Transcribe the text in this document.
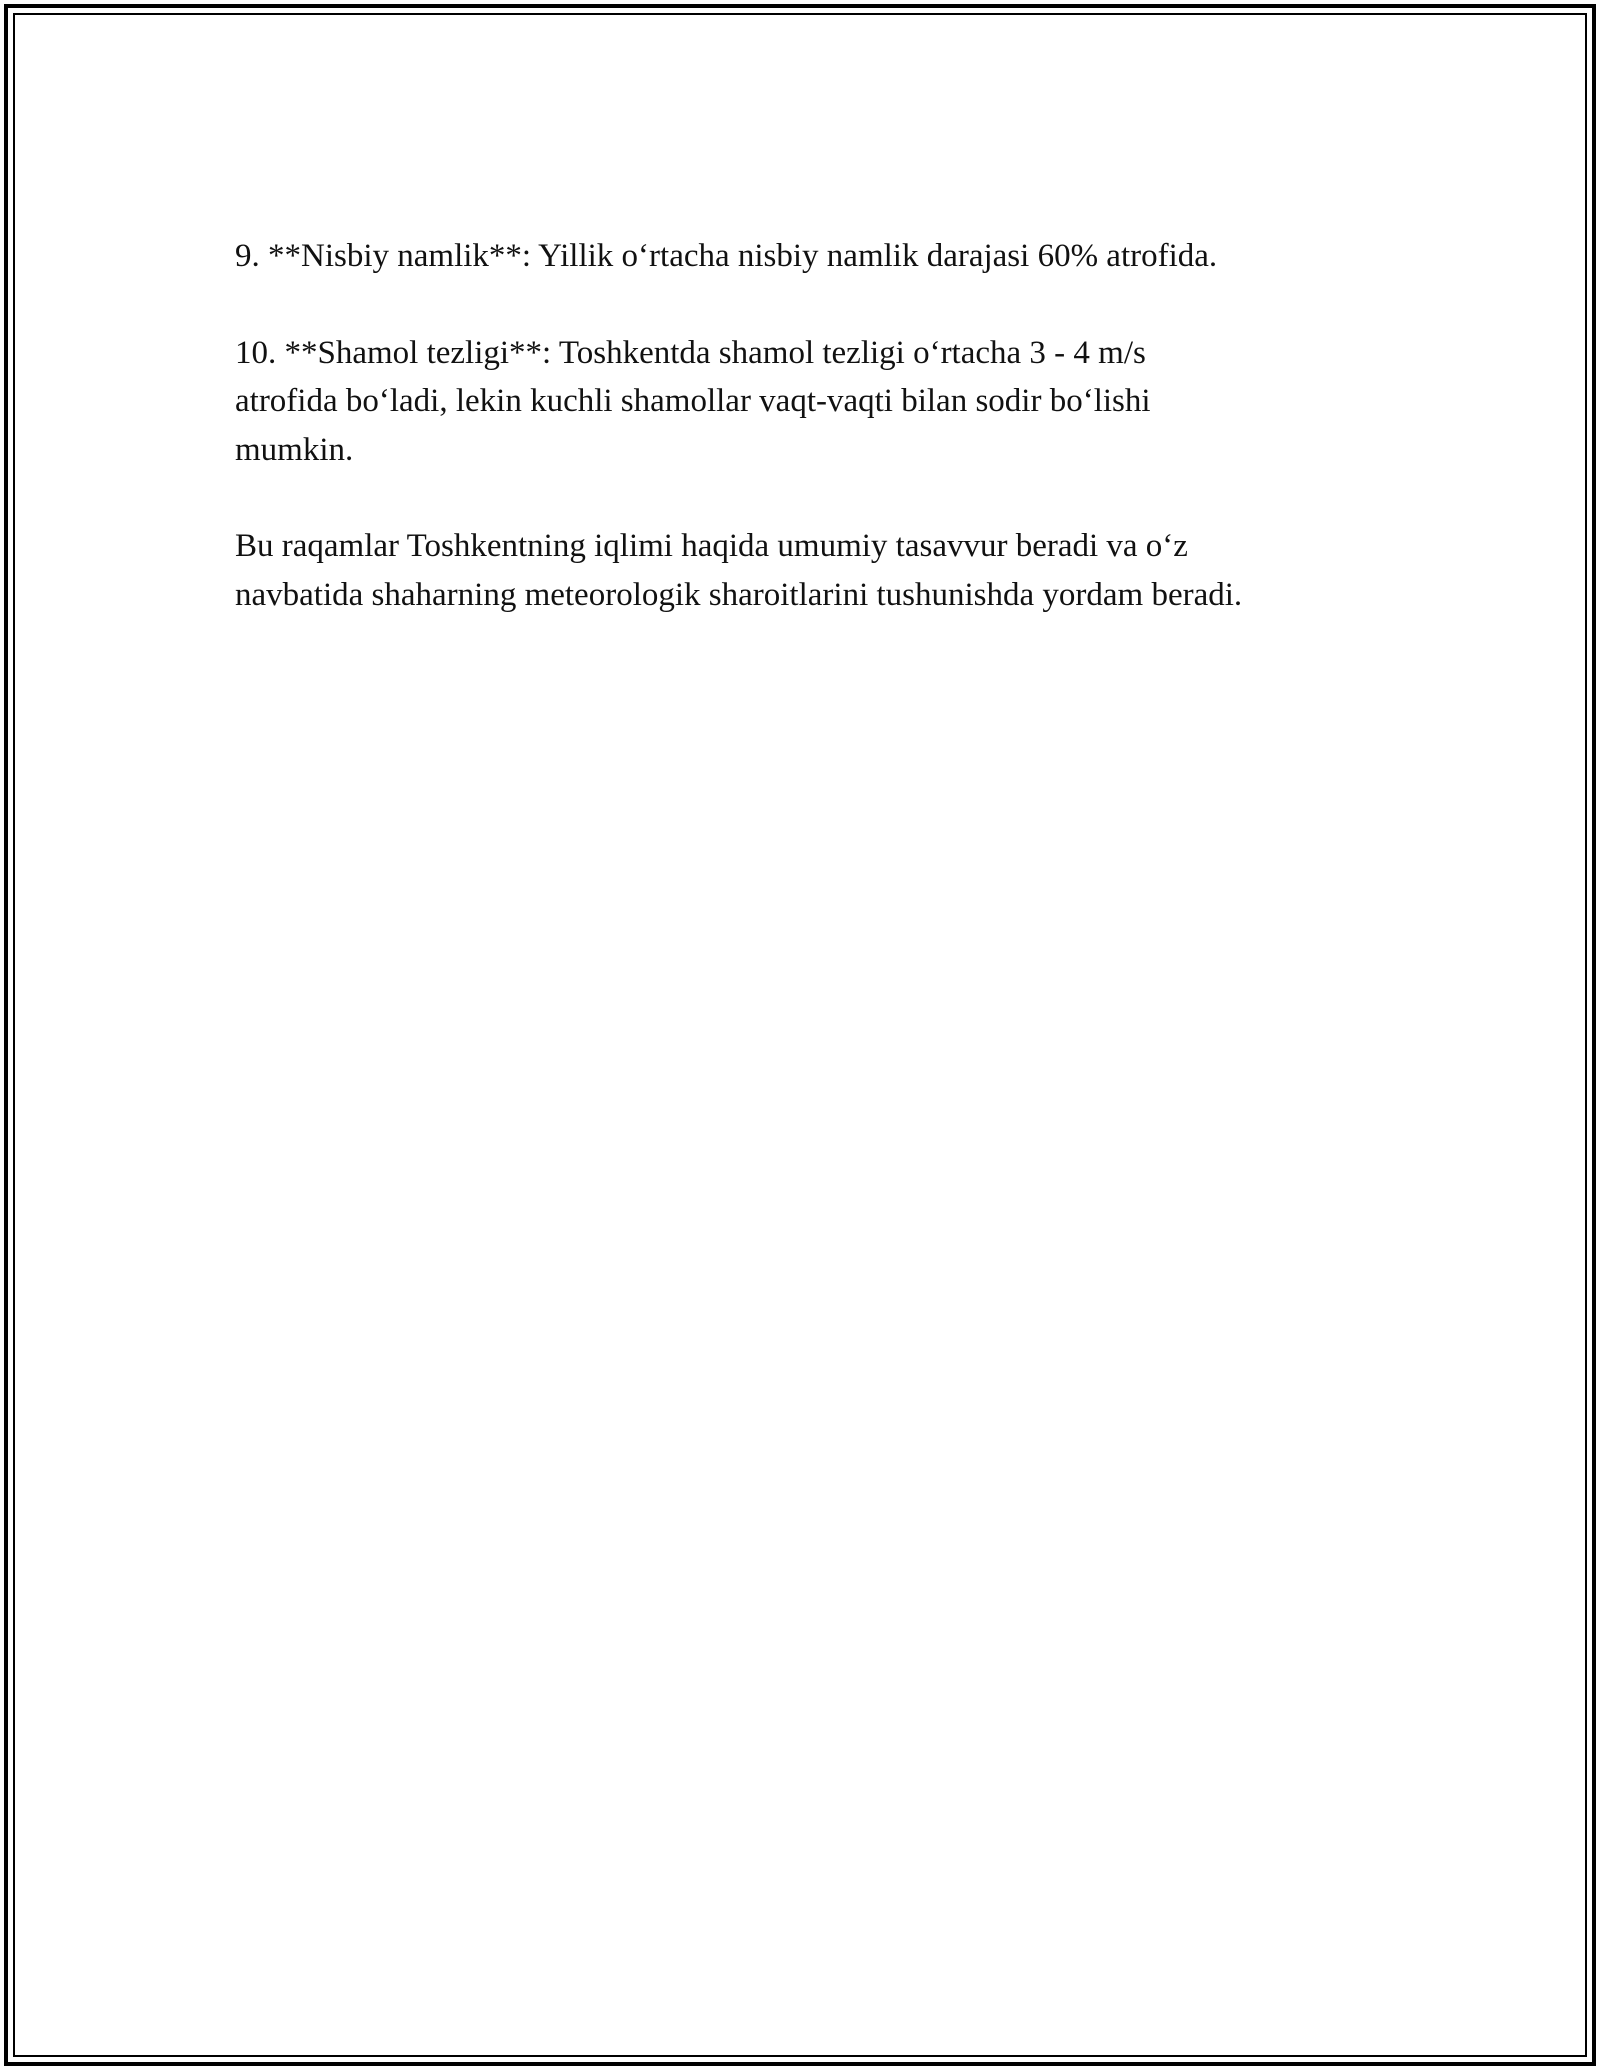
9. **Nisbiy namlik**: Yillik o‘rtacha nisbiy namlik darajasi 60% atrofida.

10. **Shamol tezligi**: Toshkentda shamol tezligi o‘rtacha 3 - 4 m/s
atrofida bo‘ladi, lekin kuchli shamollar vaqt-vaqti bilan sodir bo‘lishi
mumkin.

Bu raqamlar Toshkentning iqlimi haqida umumiy tasavvur beradi va o‘z
navbatida shaharning meteorologik sharoitlarini tushunishda yordam beradi.
